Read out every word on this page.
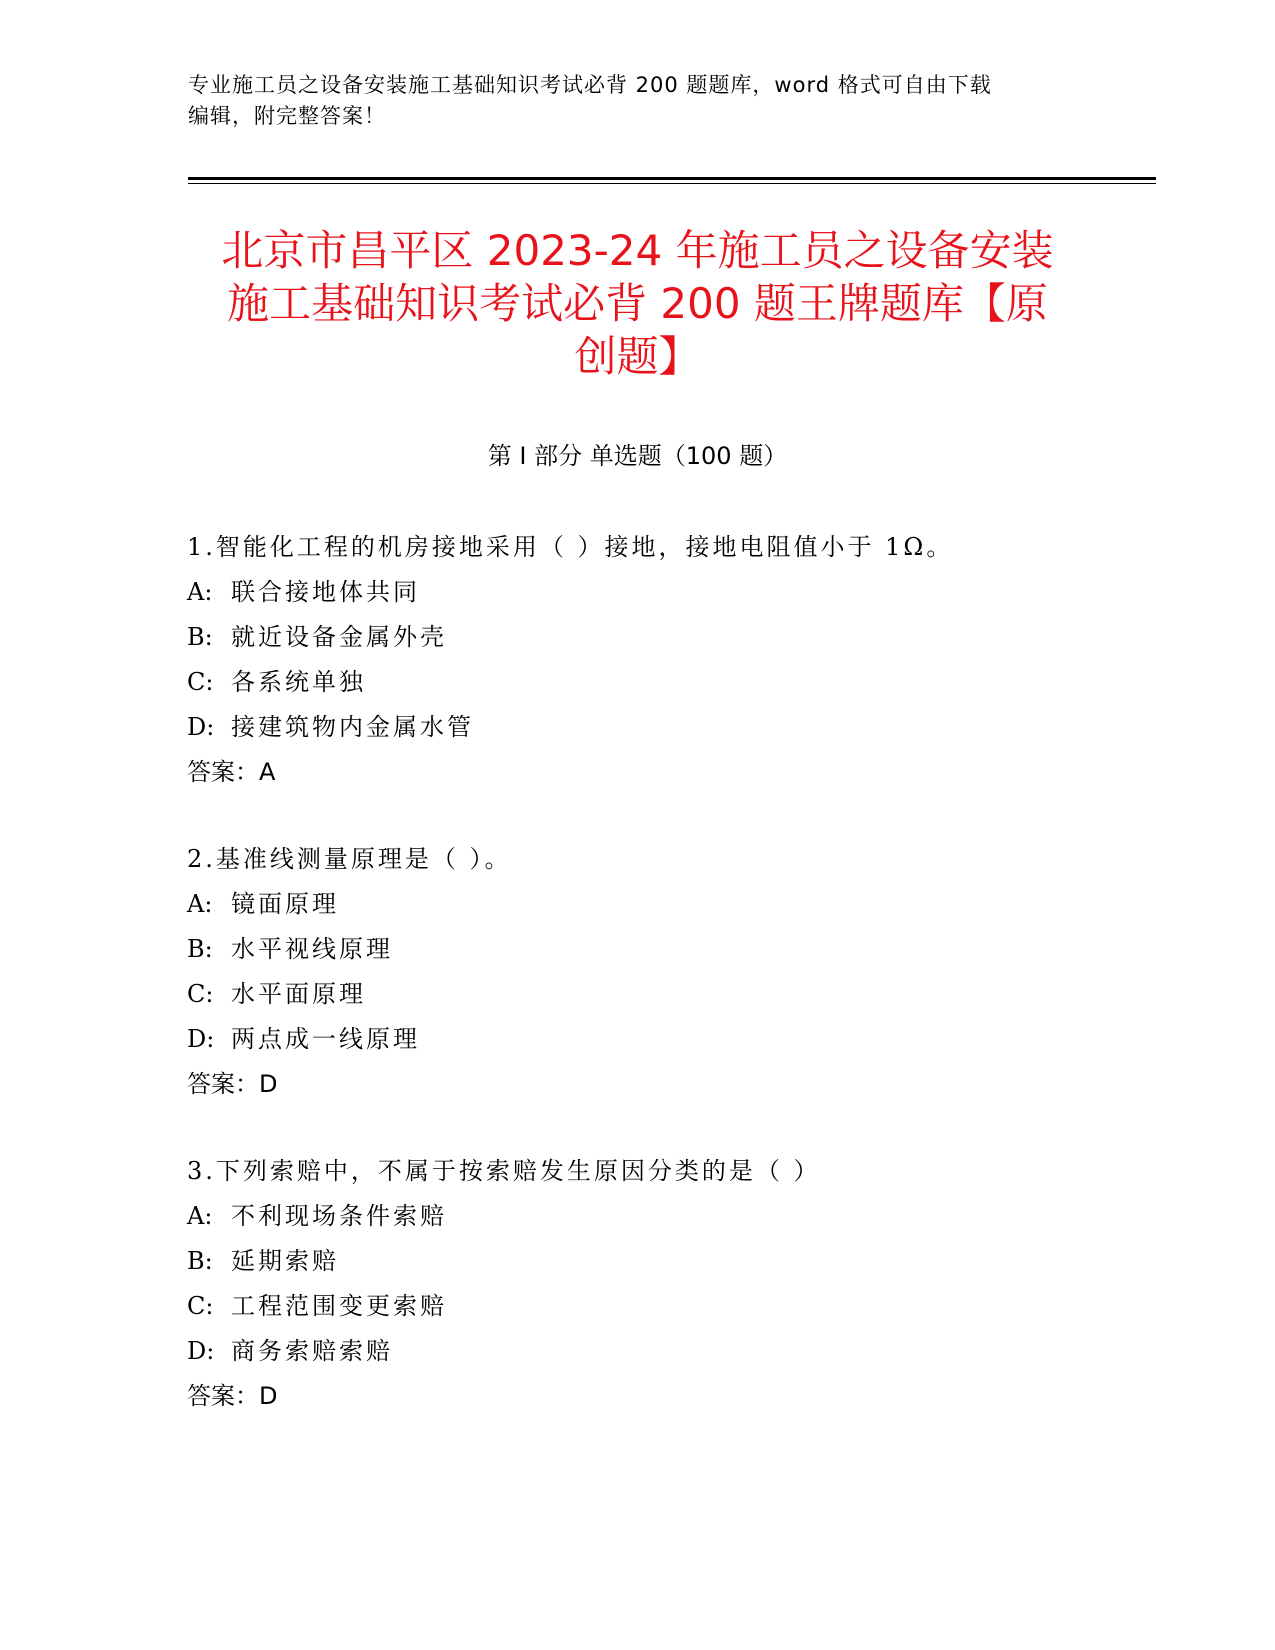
专业施工员之设备安装施工基础知识考试必背 200 题题库，word 格式可自由下载
编辑，附完整答案！
北京市昌平区 2023-24 年施工员之设备安装
施工基础知识考试必背 200 题王牌题库【原
创题】
第 I 部分 单选题（100 题）
1.智能化工程的机房接地采用（ ）接地，接地电阻值小于 1Ω。
A: 联合接地体共同
B: 就近设备金属外壳
C: 各系统单独
D: 接建筑物内金属水管
答案：A
2.基准线测量原理是（ ）。
A: 镜面原理
B: 水平视线原理
C: 水平面原理
D: 两点成一线原理
答案：D
3.下列索赔中，不属于按索赔发生原因分类的是（ ）
A: 不利现场条件索赔
B: 延期索赔
C: 工程范围变更索赔
D: 商务索赔索赔
答案：D
